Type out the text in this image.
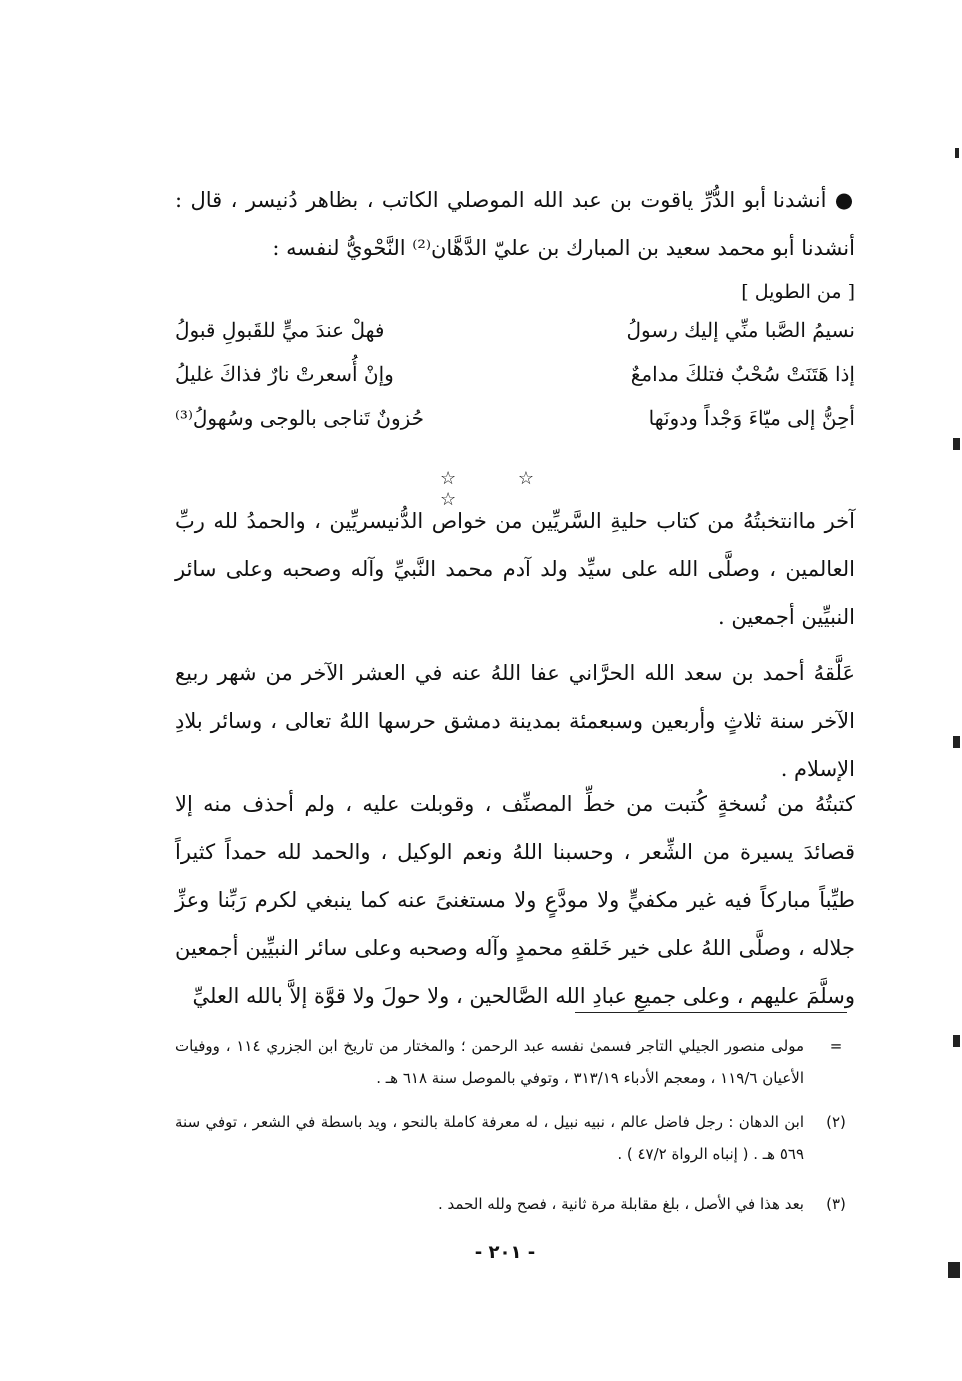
● أنشدنا أبو الدُّرِّ ياقوت بن عبد الله الموصلي الكاتب ، بظاهر دُنيسر ، قال : أنشدنا أبو محمد سعيد بن المبارك بن عليّ الدَّهَّان⁽²⁾ النَّحْويُّ لنفسه :

[ من الطويل ]
نسيمُ الصَّبا منِّي إليك رسولُ
فهلْ عندَ ميٍّ للقَبولِ قبولُ
إذا هَتَنَتْ سُحْبٌ فتلكَ مدامعٌ
وإنْ أُسعرتْ نارٌ فذاكَ غليلُ
أحِنُّ إلى ميّاءَ وَجْداً ودونَها
حُزونٌ تَناجى بالوجى وسُهولُ⁽³⁾
☆ ☆ ☆

آخر ماانتخبتُهُ من كتاب حليةِ السَّريِّين من خواص الدُّنيسريِّين ، والحمدُ لله ربِّ العالمين ، وصلَّى الله على سيِّد ولد آدم محمد النَّبيِّ وآله وصحبه وعلى سائر النبيِّين أجمعين .

عَلَّقهُ أحمد بن سعد الله الحرَّاني عفا اللهُ عنه في العشر الآخر من شهر ربيع الآخر سنة ثلاثٍ وأربعين وسبعمئة بمدينة دمشق حرسها اللهُ تعالى ، وسائر بلادِ الإسلام .

كتبتُهُ من نُسخةٍ كُتبت من خطِّ المصنِّف ، وقوبلت عليه ، ولم أحذف منه إلا قصائدَ يسيرة من الشِّعر ، وحسبنا اللهُ ونعم الوكيل ، والحمد لله حمداً كثيراً طيِّباً مباركاً فيه غير مكفيٍّ ولا مودَّعٍ ولا مستغنىً عنه كما ينبغي لكرم رَبِّنا وعزِّ جلاله ، وصلَّى اللهُ على خير خَلقهِ محمدٍ وآله وصحبه وعلى سائر النبيِّين أجمعين وسلَّمَ عليهم ، وعلى جميعِ عبادِ الله الصَّالحين ، ولا حولَ ولا قوَّة إلاَّ بالله العليِّ

=
مولى منصور الجيلي التاجر فسمىٰ نفسه عبد الرحمن ؛ والمختار من تاريخ ابن الجزري ١١٤ ، ووفيات الأعيان ١١٩/٦ ، ومعجم الأدباء ٣١٣/١٩ ، وتوفي بالموصل سنة ٦١٨ هـ .
(٢)
ابن الدهان : رجل فاضل عالم ، نبيه نبيل ، له معرفة كاملة بالنحو ، ويد باسطة في الشعر ، توفي سنة ٥٦٩ هـ . ( إنباه الرواة ٤٧/٢ ) .
(٣)
بعد هذا في الأصل ، بلغ مقابلة مرة ثانية ، فصح ولله الحمد .
- ٢٠١ -
